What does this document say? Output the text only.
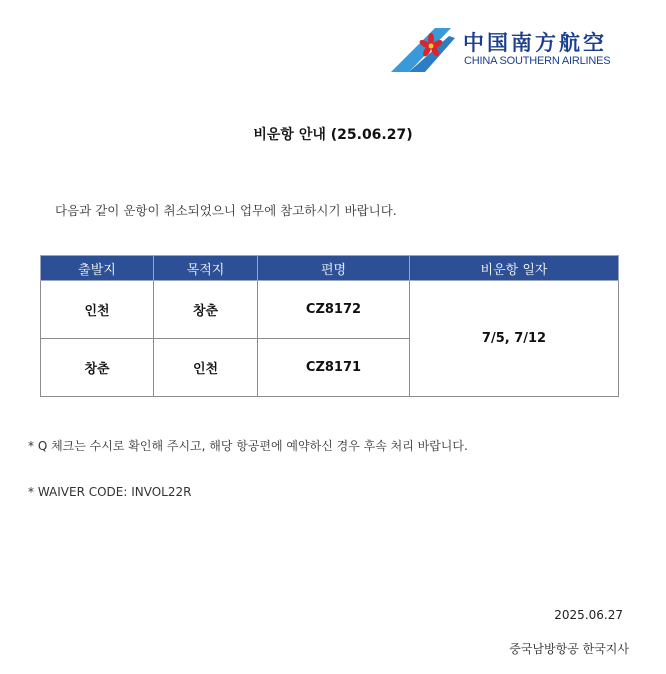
中国南方航空
CHINA SOUTHERN AIRLINES
비운항 안내 (25.06.27)
다음과 같이 운항이 취소되었으니 업무에 참고하시기 바랍니다.
출발지	목적지	편명	비운항 일자
인천	창춘	CZ8172	7/5, 7/12
창춘	인천	CZ8171	
* Q 체크는 수시로 확인해 주시고, 해당 항공편에 예약하신 경우 후속 처리 바랍니다.
* WAIVER CODE: INVOL22R
2025.06.27
중국남방항공 한국지사
